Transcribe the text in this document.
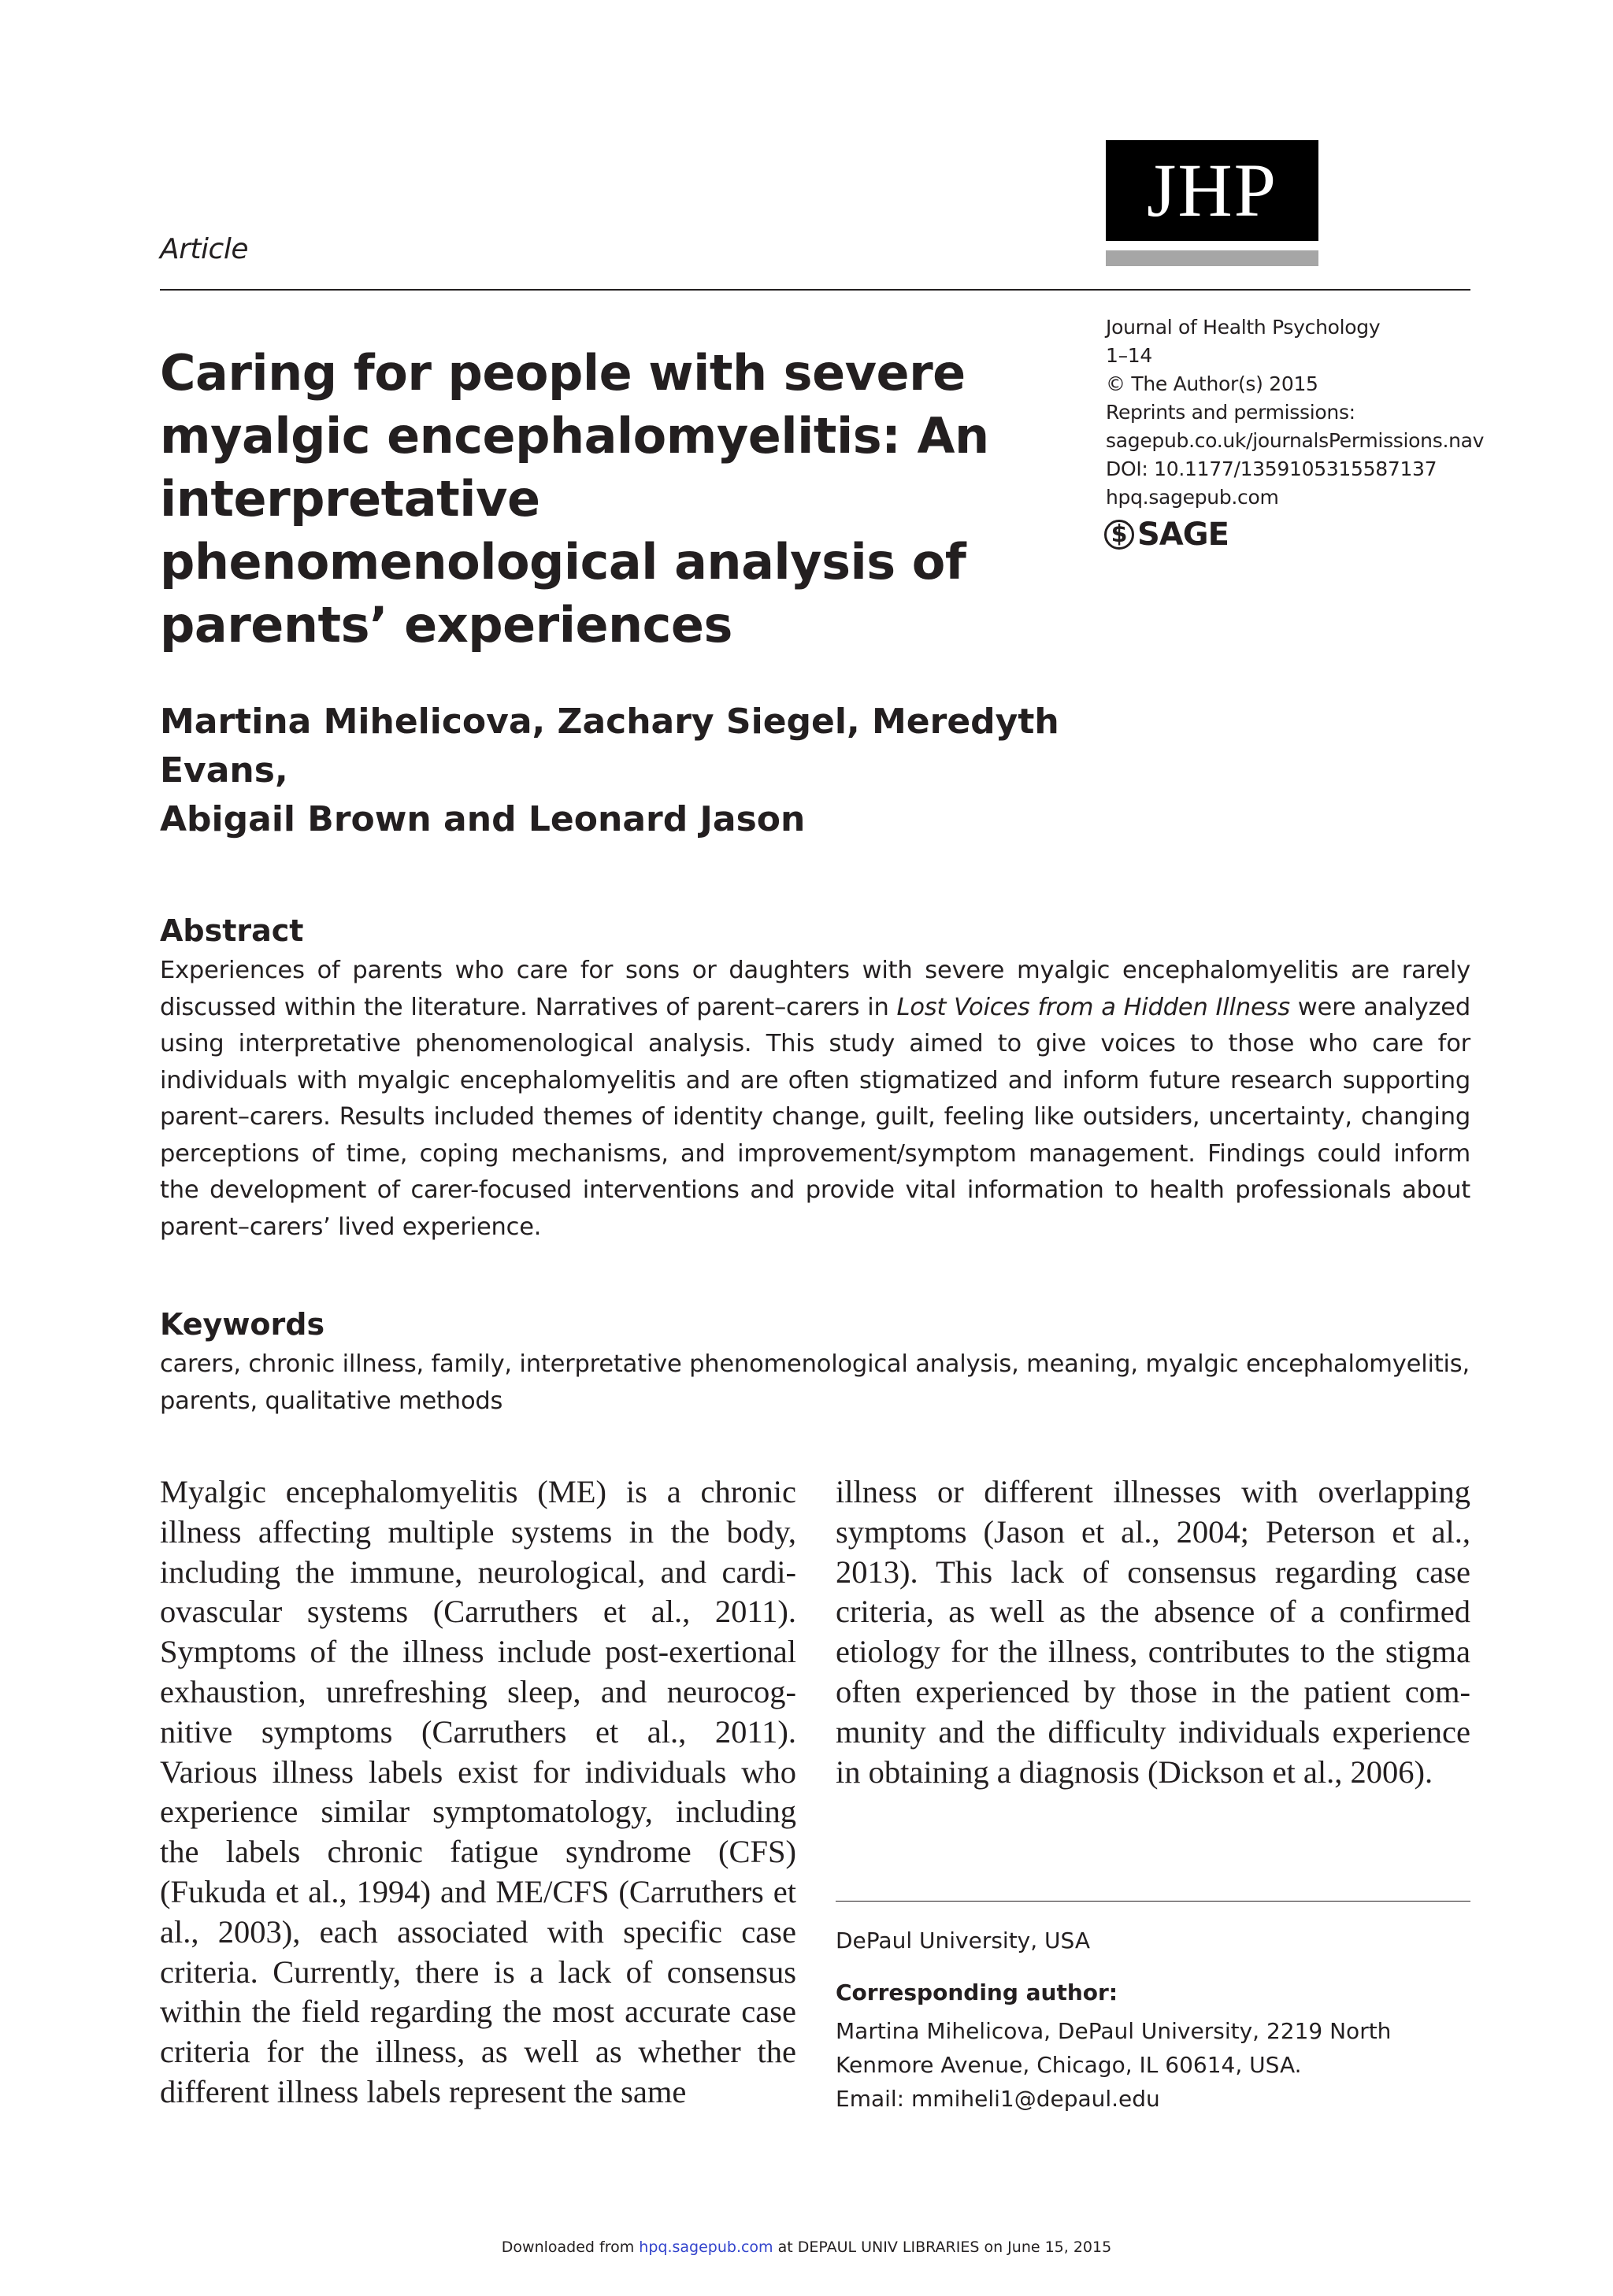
Article
JHP
Caring for people with severe myalgic encephalomyelitis: An interpretative phenomenological analysis of parents’ experiences
Journal of Health Psychology
1–14
© The Author(s) 2015
Reprints and permissions:
sagepub.co.uk/journalsPermissions.nav
DOI: 10.1177/1359105315587137
hpq.sagepub.com
$ SAGE
Martina Mihelicova, Zachary Siegel, Meredyth Evans,
Abigail Brown and Leonard Jason
Abstract
Experiences of parents who care for sons or daughters with severe myalgic encephalomyelitis are rarely discussed within the literature. Narratives of parent–carers in Lost Voices from a Hidden Illness were analyzed using interpretative phenomenological analysis. This study aimed to give voices to those who care for individuals with myalgic encephalomyelitis and are often stigmatized and inform future research supporting parent–carers. Results included themes of identity change, guilt, feeling like outsiders, uncertainty, changing perceptions of time, coping mechanisms, and improvement/symptom management. Findings could inform the development of carer-focused interventions and provide vital information to health professionals about parent–carers’ lived experience.
Keywords
carers, chronic illness, family, interpretative phenomenological analysis, meaning, myalgic encephalomyelitis, parents, qualitative methods
Myalgic encephalomyelitis (ME) is a chronic illness affecting multiple systems in the body, including the immune, neurological, and cardiovascular systems (Carruthers et al., 2011). Symptoms of the illness include post-exertional exhaustion, unrefreshing sleep, and neurocognitive symptoms (Carruthers et al., 2011). Various illness labels exist for individuals who experience similar symptomatology, including the labels chronic fatigue syndrome (CFS) (Fukuda et al., 1994) and ME/CFS (Carruthers et al., 2003), each associated with specific case criteria. Currently, there is a lack of consensus within the field regarding the most accurate case criteria for the illness, as well as whether the different illness labels represent the same
illness or different illnesses with overlapping symptoms (Jason et al., 2004; Peterson et al., 2013). This lack of consensus regarding case criteria, as well as the absence of a confirmed etiology for the illness, contributes to the stigma often experienced by those in the patient community and the difficulty individuals experience in obtaining a diagnosis (Dickson et al., 2006).
DePaul University, USA
Corresponding author:
Martina Mihelicova, DePaul University, 2219 North
Kenmore Avenue, Chicago, IL 60614, USA.
Email: mmiheli1@depaul.edu
Downloaded from hpq.sagepub.com at DEPAUL UNIV LIBRARIES on June 15, 2015
